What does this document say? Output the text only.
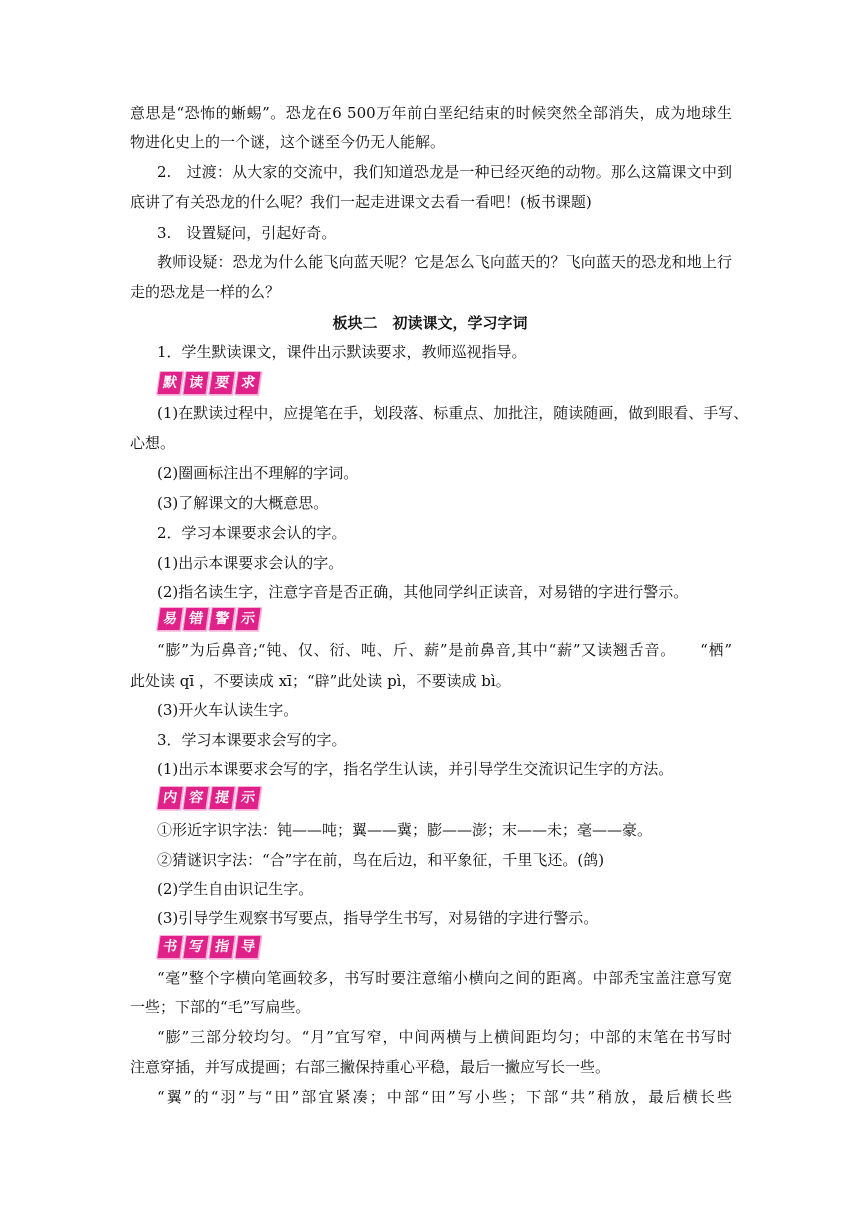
意思是“恐怖的蜥蜴”。恐龙在6 500万年前白垩纪结束的时候突然全部消失，成为地球生
物进化史上的一个谜，这个谜至今仍无人能解。
2.　过渡：从大家的交流中，我们知道恐龙是一种已经灭绝的动物。那么这篇课文中到
底讲了有关恐龙的什么呢？我们一起走进课文去看一看吧！(板书课题)
3.　设置疑问，引起好奇。
教师设疑：恐龙为什么能飞向蓝天呢？它是怎么飞向蓝天的？飞向蓝天的恐龙和地上行
走的恐龙是一样的么？
板块二　初读课文，学习字词
1．学生默读课文，课件出示默读要求，教师巡视指导。
默 读 要 求
(1)在默读过程中，应提笔在手，划段落、标重点、加批注，随读随画，做到眼看、手写、
心想。
(2)圈画标注出不理解的字词。
(3)了解课文的大概意思。
2．学习本课要求会认的字。
(1)出示本课要求会认的字。
(2)指名读生字，注意字音是否正确，其他同学纠正读音，对易错的字进行警示。
易 错 警 示
“膨”为后鼻音;“钝、仅、衍、吨、斤、薪”是前鼻音,其中“薪”又读翘舌音。　　“栖”
此处读 qī ，不要读成 xī；“辟”此处读 pì，不要读成 bì。
(3)开火车认读生字。
3．学习本课要求会写的字。
(1)出示本课要求会写的字，指名学生认读，并引导学生交流识记生字的方法。
内 容 提 示
①形近字识字法：钝——吨；翼——冀；膨——澎；末——未；毫——豪。
②猜谜识字法：“合”字在前，鸟在后边，和平象征，千里飞还。(鸽)
(2)学生自由识记生字。
(3)引导学生观察书写要点，指导学生书写，对易错的字进行警示。
书 写 指 导
“毫”整个字横向笔画较多，书写时要注意缩小横向之间的距离。中部秃宝盖注意写宽
一些；下部的“毛”写扁些。
“膨”三部分较均匀。“月”宜写窄，中间两横与上横间距均匀；中部的末笔在书写时
注意穿插，并写成提画；右部三撇保持重心平稳，最后一撇应写长一些。
“翼”的“羽”与“田”部宜紧凑；中部“田”写小些；下部“共”稍放，最后横长些
